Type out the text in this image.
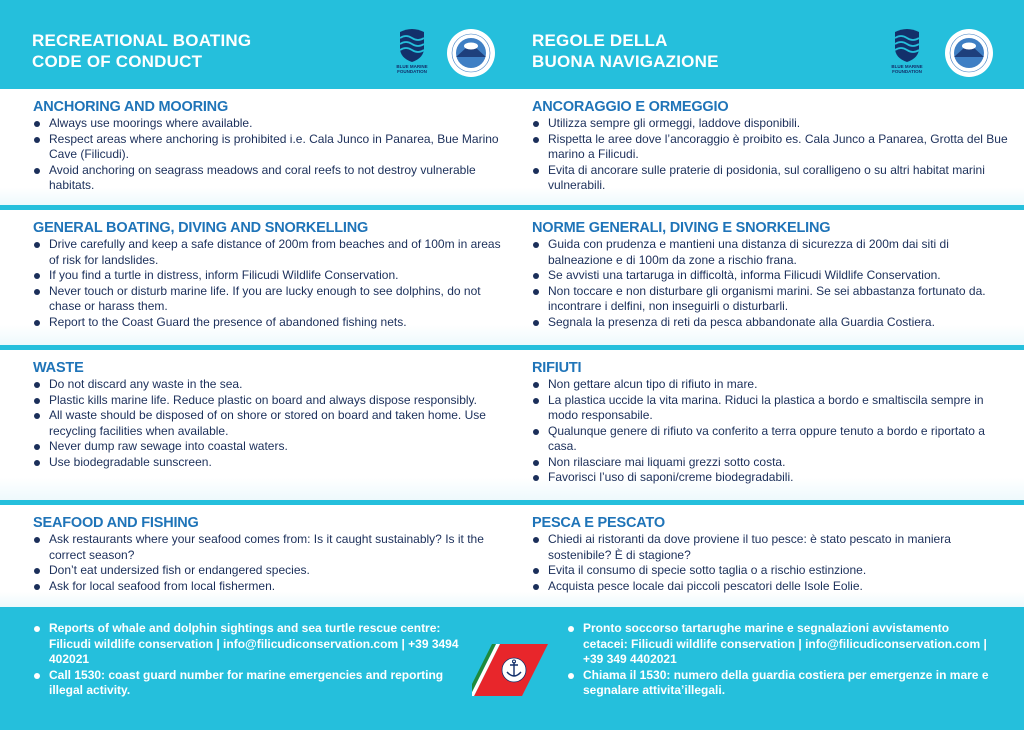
RECREATIONAL BOATING
CODE OF CONDUCT	BLUE MARINE
FOUNDATION
REGOLE DELLA
BUONA NAVIGAZIONE	BLUE MARINE
FOUNDATION
ANCHORING AND MOORING
Always use moorings where available.
Respect areas where anchoring is prohibited i.e. Cala Junco in Panarea, Bue Marino Cave (Filicudi).
Avoid anchoring on seagrass meadows and coral reefs to not destroy vulnerable habitats.
GENERAL BOATING, DIVING AND SNORKELLING
Drive carefully and keep a safe distance of 200m from beaches and of 100m in areas of risk for landslides.
If you find a turtle in distress, inform Filicudi Wildlife Conservation.
Never touch or disturb marine life. If you are lucky enough to see dolphins, do not chase or harass them.
Report to the Coast Guard the presence of abandoned fishing nets.
WASTE
Do not discard any waste in the sea.
Plastic kills marine life. Reduce plastic on board and always dispose responsibly.
All waste should be disposed of on shore or stored on board and taken home. Use recycling facilities when available.
Never dump raw sewage into coastal waters.
Use biodegradable sunscreen.
SEAFOOD AND FISHING
Ask restaurants where your seafood comes from: Is it caught sustainably? Is it the correct season?
Don’t eat undersized fish or endangered species.
Ask for local seafood from local fishermen.
ANCORAGGIO E ORMEGGIO
Utilizza sempre gli ormeggi, laddove disponibili.
Rispetta le aree dove l’ancoraggio è proibito es. Cala Junco a Panarea, Grotta del Bue marino a Filicudi.
Evita di ancorare sulle praterie di posidonia, sul coralligeno o su altri habitat marini vulnerabili.
NORME GENERALI, DIVING E SNORKELING
Guida con prudenza e mantieni una distanza di sicurezza di 200m dai siti di balneazione e di 100m da zone a rischio frana.
Se avvisti una tartaruga in difficoltà, informa Filicudi Wildlife Conservation.
Non toccare e non disturbare gli organismi marini. Se sei abbastanza fortunato da. incontrare i delfini, non inseguirli o disturbarli.
Segnala la presenza di reti da pesca abbandonate alla Guardia Costiera.
RIFIUTI
Non gettare alcun tipo di rifiuto in mare.
La plastica uccide la vita marina. Riduci la plastica a bordo e smaltiscila sempre in modo responsabile.
Qualunque genere di rifiuto va conferito a terra oppure tenuto a bordo e riportato a casa.
Non rilasciare mai liquami grezzi sotto costa.
Favorisci l’uso di saponi/creme biodegradabili.
PESCA E PESCATO
Chiedi ai ristoranti da dove proviene il tuo pesce: è stato pescato in maniera sostenibile? È di stagione?
Evita il consumo di specie sotto taglia o a rischio estinzione.
Acquista pesce locale dai piccoli pescatori delle Isole Eolie.
Reports of whale and dolphin sightings and sea turtle rescue centre: Filicudi wildlife conservation | info@filicudiconservation.com | +39 3494 402021
Call 1530: coast guard number for marine emergencies and reporting illegal activity.
Pronto soccorso tartarughe marine e segnalazioni avvistamento cetacei: Filicudi wildlife conservation | info@filicudiconservation.com | +39 349 4402021
Chiama il 1530: numero della guardia costiera per emergenze in mare e segnalare attivita’illegali.
